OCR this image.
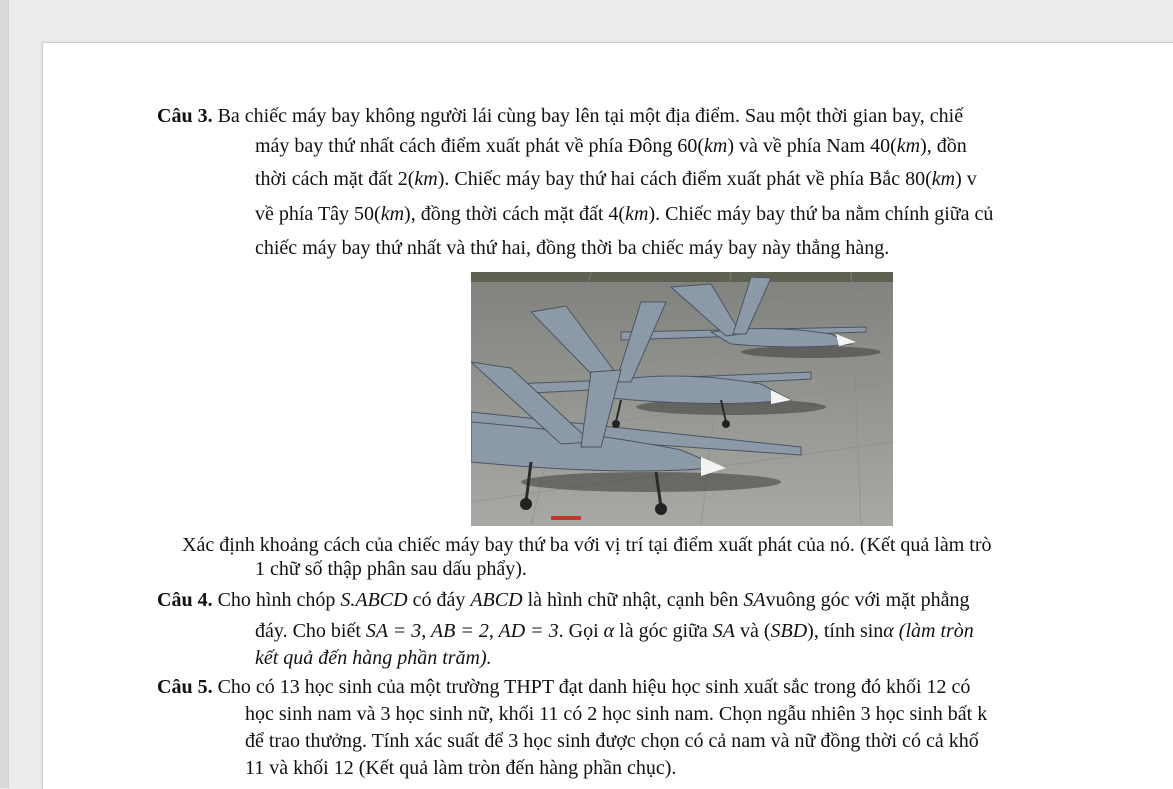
Câu 3. Ba chiếc máy bay không người lái cùng bay lên tại một địa điểm. Sau một thời gian bay, chiế
máy bay thứ nhất cách điểm xuất phát về phía Đông 60(km) và về phía Nam 40(km), đồn
thời cách mặt đất 2(km). Chiếc máy bay thứ hai cách điểm xuất phát về phía Bắc 80(km) v
về phía Tây 50(km), đồng thời cách mặt đất 4(km). Chiếc máy bay thứ ba nằm chính giữa củ
chiếc máy bay thứ nhất và thứ hai, đồng thời ba chiếc máy bay này thẳng hàng.
Xác định khoảng cách của chiếc máy bay thứ ba với vị trí tại điểm xuất phát của nó. (Kết quả làm trò
1 chữ số thập phân sau dấu phẩy).
Câu 4. Cho hình chóp S.ABCD có đáy ABCD là hình chữ nhật, cạnh bên SAvuông góc với mặt phẳng
đáy. Cho biết SA = 3, AB = 2, AD = 3. Gọi α là góc giữa SA và (SBD), tính sinα (làm tròn
kết quả đến hàng phần trăm).
Câu 5. Cho có 13 học sinh của một trường THPT đạt danh hiệu học sinh xuất sắc trong đó khối 12 có
học sinh nam và 3 học sinh nữ, khối 11 có 2 học sinh nam. Chọn ngẫu nhiên 3 học sinh bất k
để trao thưởng. Tính xác suất để 3 học sinh được chọn có cả nam và nữ đồng thời có cả khố
11 và khối 12 (Kết quả làm tròn đến hàng phần chục).
